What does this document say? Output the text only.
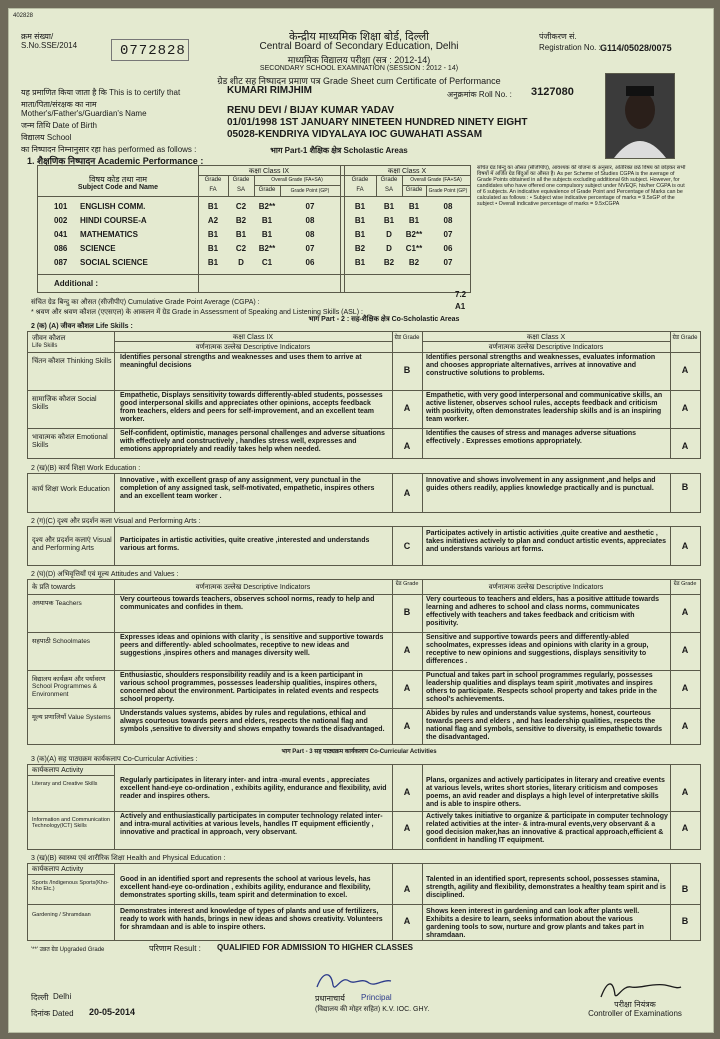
402828
क्रम संख्या/
S.No.SSE/2014	0772828
केन्द्रीय माध्यमिक शिक्षा बोर्ड, दिल्ली
Central Board of Secondary Education, Delhi
माध्यमिक विद्यालय परीक्षा (सत्र : 2012-14)
SECONDARY SCHOOL EXAMINATION (SESSION : 2012 - 14)
ग्रेड शीट सह निष्पादन प्रमाण पत्र Grade Sheet cum Certificate of Performance
पंजीकरण सं.
Registration No. : G114/05028/0075
यह प्रमाणित किया जाता है कि This is to certify that	KUMARI RIMJHIM	अनुक्रमांक Roll No. : 3127080
माता/पिता/संरक्षक का नाम
Mother's/Father's/Guardian's Name	RENU DEVI / BIJAY KUMAR YADAV
जन्म तिथि Date of Birth	01/01/1998 1ST JANUARY NINETEEN HUNDRED NINETY EIGHT
विद्यालय School	05028-KENDRIYA VIDYALAYA IOC GUWAHATI ASSAM
का निष्पादन निम्नानुसार रहा has performed as follows :	भाग Part-1 शैक्षिक क्षेत्र Scholastic Areas
1. शैक्षणिक निष्पादन Academic Performance :
कक्षा Class IX	कक्षा Class X
विषय कोड तथा नाम
Subject Code and Name
Grade
FA
Grade
SA
Overall Grade (FA+SA)
Grade	Grade Point (GP)
Grade
FA
Grade
SA
Overall Grade (FA+SA)
Grade	Grade Point (GP)
101 ENGLISH COMM.	B1	C2	B2**	07	B1	B1	B1	08
002 HINDI COURSE-A	A2	B2	B1	08	B1	B1	B1	08
041 MATHEMATICS	B1	B1	B1	08	B1	D	B2**	07
086 SCIENCE	B1	C2	B2**	07	B2	D	C1**	06
087 SOCIAL SCIENCE	B1	D	C1	06	B1	B2	B2	07
Additional :
संचित ग्रेड बिन्दु का औसत (सीजीपीए), आवश्यक की योजना के अनुसार, अतिरिक्त छठे विषय को छोड़कर सभी विषयों में अर्जित ग्रेड बिंदुओं का औसत है। As per Scheme of Studies CGPA is the average of Grade Points obtained in all the subjects excluding additional 6th subject. However, for candidates who have offered one compulsory subject under NVEQF, his/her CGPA is out of 6 subjects. An indicative equivalence of Grade Point and Percentage of Marks can be calculated as follows : • Subject wise indicative percentage of marks = 9.5xGP of the subject • Overall indicative percentage of marks = 9.5xCGPA
संचित ग्रेड बिन्दु का औसत (सीजीपीए) Cumulative Grade Point Average (CGPA) :
7.2
* श्रवण और श्रवण कौशल (एएसएल) के आकलन में ग्रेड Grade in Assessment of Speaking and Listening Skills (ASL) :
A1
भाग Part - 2 : सह-शैक्षिक क्षेत्र Co-Scholastic Areas
2 (क) (A) जीवन कौशल Life Skills :
कक्षा Class IX	कक्षा Class X
वर्णनात्मक उल्लेख Descriptive Indicators	वर्णनात्मक उल्लेख Descriptive Indicators
ग्रेड Grade	ग्रेड Grade
जीवन कौशल
Life Skills
चिंतन कौशल Thinking Skills
Identifies personal strengths and weaknesses and uses them to arrive at meaningful decisions	B
Identifies personal strengths and weaknesses, evaluates information and chooses appropriate alternatives, arrives at innovative and constructive solutions to problems.	A
सामाजिक कौशल Social Skills
Empathetic, Displays sensitivity towards differently-abled students, possesses good interpersonal skills and appreciates other opinions, accepts feedback from teachers, elders and peers for self-improvement, and an excellent team worker.
A
Empathetic, with very good interpersonal and communicative skills, an active listener, observes school rules, accepts feedback and criticism with positivity, often demonstrates leadership skills and is an inspiring team worker.
A
भावात्मक कौशल Emotional Skills
Self-confident, optimistic, manages personal challenges and adverse situations with effectively and constructively , handles stress well, expresses and emotions appropriately and readily takes help when needed.	A
Identifies the causes of stress and manages adverse situations effectively . Expresses emotions appropriately.	A
2 (ख)(B) कार्य शिक्षा Work Education :
कार्य शिक्षा Work Education
Innovative , with excellent grasp of any assignment, very punctual in the completion of any assigned task, self-motivated, empathetic, inspires others and an excellent team worker .	A
Innovative and shows involvement in any assignment ,and helps and guides others readily, applies knowledge practically and is punctual.	B
2 (ग)(C) दृश्य और प्रदर्शन कला Visual and Performing Arts :
दृश्य और प्रदर्शन कलाएं Visual and Performing Arts
Participates in artistic activities, quite creative ,interested and understands various art forms.	C
Participates actively in artistic activities ,quite creative and aesthetic , takes initiatives actively to plan and conduct artistic events, appreciates and understands various art forms.	A
2 (घ)(D) अभिवृत्तियाँ एवं मूल्य Attitudes and Values :
के प्रति towards	वर्णनात्मक उल्लेख Descriptive Indicators	वर्णनात्मक उल्लेख Descriptive Indicators
ग्रेड Grade	ग्रेड Grade
अध्यापक Teachers
Very courteous towards teachers, observes school norms, ready to help and communicates and confides in them.	B
Very courteous to teachers and elders, has a positive attitude towards learning and adheres to school and class norms, communicates effectively with teachers and takes feedback and criticism with positivity.
A
सहपाठी Schoolmates
Expresses ideas and opinions with clarity , is sensitive and supportive towards peers and differently- abled schoolmates, receptive to new ideas and suggestions ,inspires others and manages diversity well.	A
Sensitive and supportive towards peers and differently-abled schoolmates, expresses ideas and opinions with clarity in a group, receptive to new opinions and suggestions, displays sensitivity to differences .
A
विद्यालय कार्यक्रम और पर्यावरण School Programmes & Environment
Enthusiastic, shoulders responsibility readily and is a keen participant in various school programmes, possesses leadership qualities, inspires others, concerned about the environment. Participates in related events and respects school property.
A
Punctual and takes part in school programmes regularly, possesses leadership qualities and displays team spirit ,motivates and inspires others to participate. Respects school property and takes pride in the school's achievements.
A
मूल्य प्रणालियाँ Value Systems
Understands values systems, abides by rules and regulations, ethical and always courteous towards peers and elders, respects the national flag and symbols ,sensitive to diversity and shows empathy towards the disadvantaged.	A
Abides by rules and understands value systems, honest, courteous towards peers and elders , and has leadership qualities, respects the national flag and symbols, sensitive to diversity, is empathetic towards the disadvantaged.
A
भाग Part - 3 सह पाठ्यक्रम कार्यकलाप Co-Curricular Activities
3 (क)(A) सह पाठ्यक्रम कार्यकलाप Co-Curricular Activities :
कार्यकलाप Activity
Literary and Creative Skills	Regularly participates in literary inter- and intra -mural events , appreciates excellent hand-eye co-ordination , exhibits agility, endurance and flexibility, avid reader and inspires others.	A
Plans, organizes and actively participates in literary and creative events at various levels, writes short stories, literary criticism and composes poems, an avid reader and displays a high level of interpretative skills and is able to inspire others.
A
Information and Communication Technology(ICT) Skills
Actively and enthusiastically participates in computer technology related inter- and intra-mural activities at various levels, handles IT equipment efficiently , innovative and practical in approach, very observant.	A
Actively takes initiative to organize & participate in computer technology related activities at the inter- & intra-mural events,very observant & a good decision maker,has an innovative & practical approach,efficient & confident in handling IT equipment.
A
3 (ख)(B) स्वास्थ्य एवं शारीरिक शिक्षा Health and Physical Education :
कार्यकलाप Activity
Sports /Indigenous Sports(Kho-Kho Etc.)
Good in an identified sport and represents the school at various levels, has excellent hand-eye co-ordination , exhibits agility, endurance and flexibility, demonstrates sporting skills, team spirit and determination to excel.
A
Talented in an identified sport, represents school, possesses stamina, strength, agility and flexibility, demonstrates a healthy team spirit and is disciplined.
B
Gardening / Shramdaan	Demonstrates interest and knowledge of types of plants and use of fertilizers, ready to work with hands, brings in new ideas and shows creativity. Volunteers for shramdaan and is able to inspire others.
A
Shows keen interest in gardening and can look after plants well. Exhibits a desire to learn, seeks information about the various gardening tools to sow, nurture and grow plants and takes part in shramdaan.
B
'**' उन्नत ग्रेड Upgraded Grade	परिणाम Result : QUALIFIED FOR ADMISSION TO HIGHER CLASSES
दिल्ली Delhi
दिनांक Dated 20-05-2014
प्रधानाचार्य Principal
(विद्यालय की मोहर सहित) K.V. IOC. GHY.
परीक्षा नियंत्रक
Controller of Examinations
